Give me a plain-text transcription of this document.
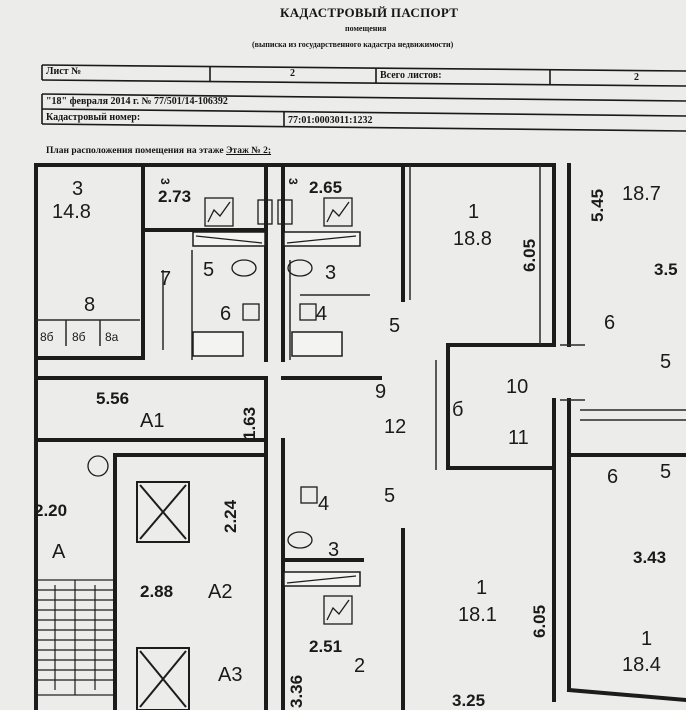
КАДАСТРОВЫЙ ПАСПОРТ
помещения
(выписка из государственного кадастра недвижимости)
Лист №	2	Всего листов:	2
"18" февраля 2014 г. № 77/501/14-106392
Кадастровый номер:	77:01:0003011:1232
План расположения помещения на этаже Этаж № 2;
3
14.8	1
18.8
18.7
5	3
7
8	6	4
5	6
5
А1
9	10
12
б
11
6 5
А
4	5
3
А2	1
18.1
1
18.4
2
А3
8б 8б 8а
2.73	2.65
3.5
5.56
2.20
3.43
2.88
2.51
3.25
6.05
5.45
1.63
2.24
6.05
3.36
3	3
